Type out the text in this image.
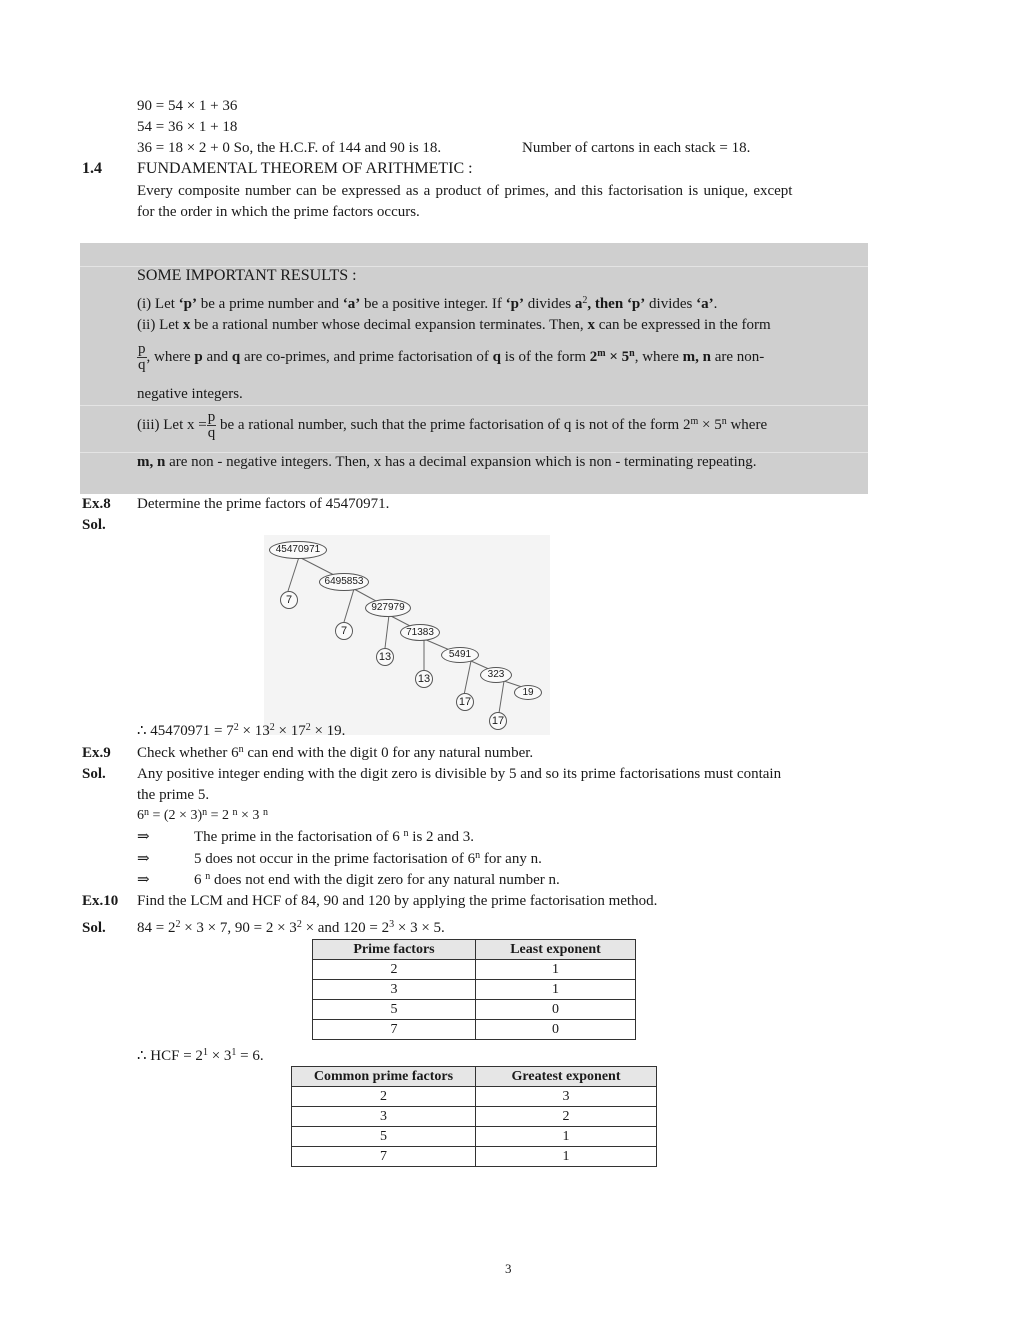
90 = 54 × 1 + 36
54 = 36 × 1 + 18
36 = 18 × 2 + 0 So, the H.C.F. of 144 and 90 is 18.	Number of cartons in each stack = 18.
1.4 FUNDAMENTAL THEOREM OF ARITHMETIC :
Every composite number can be expressed as a product of primes, and this factorisation is unique, except
for the order in which the prime factors occurs.
SOME IMPORTANT RESULTS :
(i) Let ‘p’ be a prime number and ‘a’ be a positive integer. If ‘p’ divides $a^2$, then ‘p’ divides ‘a’.
(ii) Let x be a rational number whose decimal expansion terminates. Then, x can be expressed in the form
$\frac{p}{q}$ , where p and q are co-primes, and prime factorisation of q is of the form $2^m \times 5^n$, where m, n are non-
negative integers.
(iii) Let $x = \frac{p}{q}$ be a rational number, such that the prime factorisation of q is not of the form $2^m \times 5^n$ where
m, n are non - negative integers. Then, x has a decimal expansion which is non - terminating repeating.
Ex.8 Determine the prime factors of 45470971.
Sol.
45470971
6495853
927979
71383
5491
323
19
7
7
13
13
17
17
∴ $45470971 = 7^2 \times 13^2 \times 17^2 \times 19$.
Ex.9 Check whether 6$^n$ can end with the digit 0 for any natural number.
Sol. Any positive integer ending with the digit zero is divisible by 5 and so its prime factorisations must contain
the prime 5.
$6^n = (2 \times 3)^n = 2$ $^n$ × 3 $^n$
⇒	The prime in the factorisation of 6 $^n$ is 2 and 3.
⇒	5 does not occur in the prime factorisation of 6$^n$ for any n.
⇒	6 $^n$ does not end with the digit zero for any natural number n.
Ex.10 Find the LCM and HCF of 84, 90 and 120 by applying the prime factorisation method.
Sol. $84 = 2^2 \times 3 \times 7$, $90 = 2 \times 3^2$ × and $120 = 2^3 \times 3 \times 5$.
Prime factors	Least exponent
2	1
3	1
5	0
7	0
∴ HCF = $2^1 \times 3^1 = 6$.
Common prime factors	Greatest exponent
2	3
3	2
5	1
7	1
3
